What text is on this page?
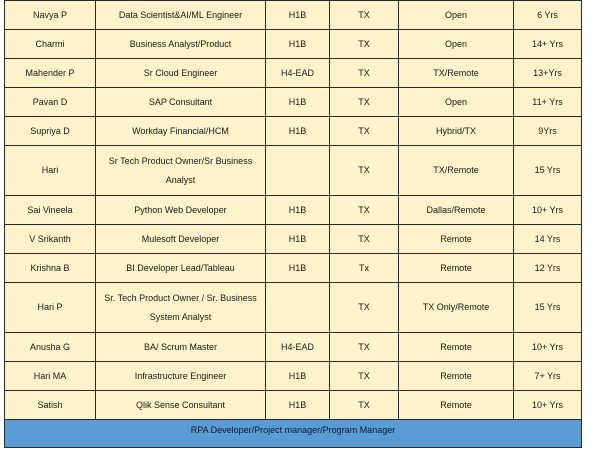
Navya P	Data Scientist&AI/ML Engineer	H1B	TX	Open	6 Yrs
Charmi	Business Analyst/Product	H1B	TX	Open	14+ Yrs
Mahender P	Sr Cloud Engineer	H4-EAD	TX	TX/Remote	13+Yrs
Pavan D	SAP Consultant	H1B	TX	Open	11+ Yrs
Supriya D	Workday Financial/HCM	H1B	TX	Hybrid/TX	9Yrs
Hari	Sr Tech Product Owner/Sr Business Analyst		TX	TX/Remote	15 Yrs
Sai Vineela	Python Web Developer	H1B	TX	Dallas/Remote	10+ Yrs
V Srikanth	Mulesoft Developer	H1B	TX	Remote	14 Yrs
Krishna B	BI Developer Lead/Tableau	H1B	Tx	Remote	12 Yrs
Hari P	Sr. Tech Product Owner / Sr. Business System Analyst		TX	TX Only/Remote	15 Yrs
Anusha G	BA/ Scrum Master	H4-EAD	TX	Remote	10+ Yrs
Hari MA	Infrastructure Engineer	H1B	TX	Remote	7+ Yrs
Satish	Qlik Sense Consultant	H1B	TX	Remote	10+ Yrs
RPA Developer/Project manager/Program Manager					
